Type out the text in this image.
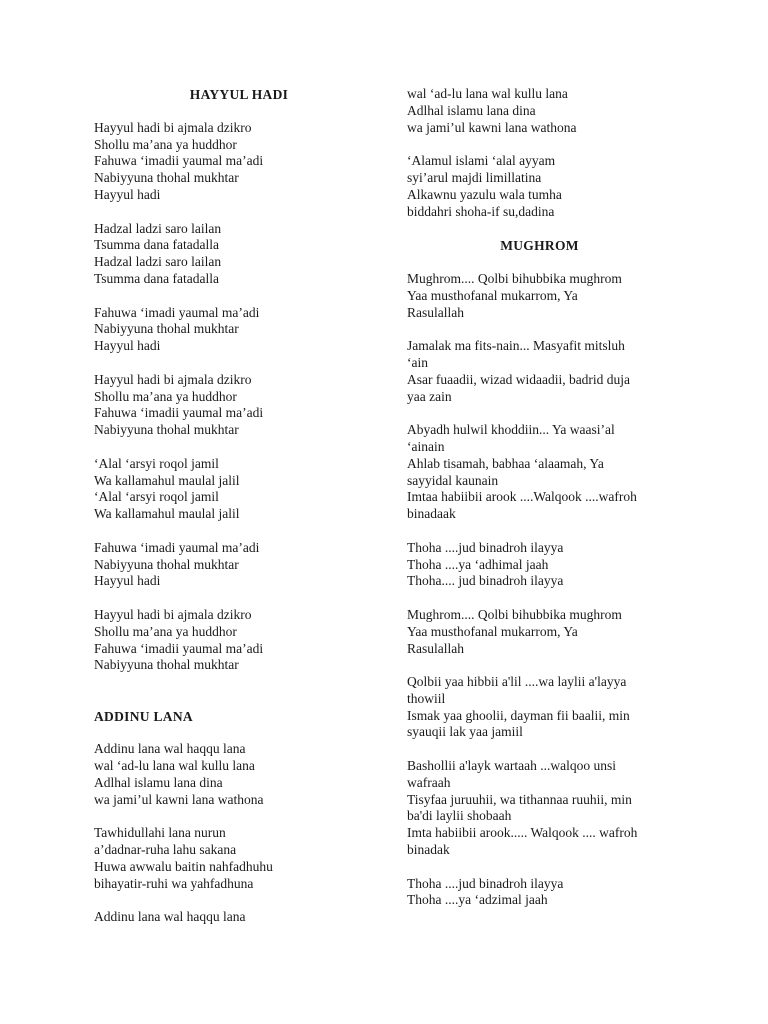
HAYYUL HADI
Hayyul hadi bi ajmala dzikro
Shollu ma’ana ya huddhor
Fahuwa ‘imadii yaumal ma’adi
Nabiyyuna thohal mukhtar
Hayyul hadi
Hadzal ladzi saro lailan
Tsumma dana fatadalla
Hadzal ladzi saro lailan
Tsumma dana fatadalla
Fahuwa ‘imadi yaumal ma’adi
Nabiyyuna thohal mukhtar
Hayyul hadi
Hayyul hadi bi ajmala dzikro
Shollu ma’ana ya huddhor
Fahuwa ‘imadii yaumal ma’adi
Nabiyyuna thohal mukhtar
‘Alal ‘arsyi roqol jamil
Wa kallamahul maulal jalil
‘Alal ‘arsyi roqol jamil
Wa kallamahul maulal jalil
Fahuwa ‘imadi yaumal ma’adi
Nabiyyuna thohal mukhtar
Hayyul hadi
Hayyul hadi bi ajmala dzikro
Shollu ma’ana ya huddhor
Fahuwa ‘imadii yaumal ma’adi
Nabiyyuna thohal mukhtar
ADDINU LANA
Addinu lana wal haqqu lana
wal ‘ad-lu lana wal kullu lana
Adlhal islamu lana dina
wa jami’ul kawni lana wathona
Tawhidullahi lana nurun
a’dadnar-ruha lahu sakana
Huwa awwalu baitin nahfadhuhu
bihayatir-ruhi wa yahfadhuna
Addinu lana wal haqqu lana
wal ‘ad-lu lana wal kullu lana
Adlhal islamu lana dina
wa jami’ul kawni lana wathona
‘Alamul islami ‘alal ayyam
syi’arul majdi limillatina
Alkawnu yazulu wala tumha
biddahri shoha-if su,dadina
MUGHROM
Mughrom.... Qolbi bihubbika mughrom
Yaa musthofanal mukarrom, Ya
Rasulallah
Jamalak ma fits-nain... Masyafit mitsluh
‘ain
Asar fuaadii, wizad widaadii, badrid duja
yaa zain
Abyadh hulwil khoddiin... Ya waasi’al
‘ainain
Ahlab tisamah, babhaa ‘alaamah, Ya
sayyidal kaunain
Imtaa habiibii arook ....Walqook ....wafroh
binadaak
Thoha ....jud binadroh ilayya
Thoha ....ya ‘adhimal jaah
Thoha.... jud binadroh ilayya
Mughrom.... Qolbi bihubbika mughrom
Yaa musthofanal mukarrom, Ya
Rasulallah
Qolbii yaa hibbii a'lil ....wa laylii a'layya
thowiil
Ismak yaa ghoolii, dayman fii baalii, min
syauqii lak yaa jamiil
Bashollii a'layk wartaah ...walqoo unsi
wafraah
Tisyfaa juruuhii, wa tithannaa ruuhii, min
ba'di laylii shobaah
Imta habiibii arook..... Walqook .... wafroh
binadak
Thoha ....jud binadroh ilayya
Thoha ....ya ‘adzimal jaah
